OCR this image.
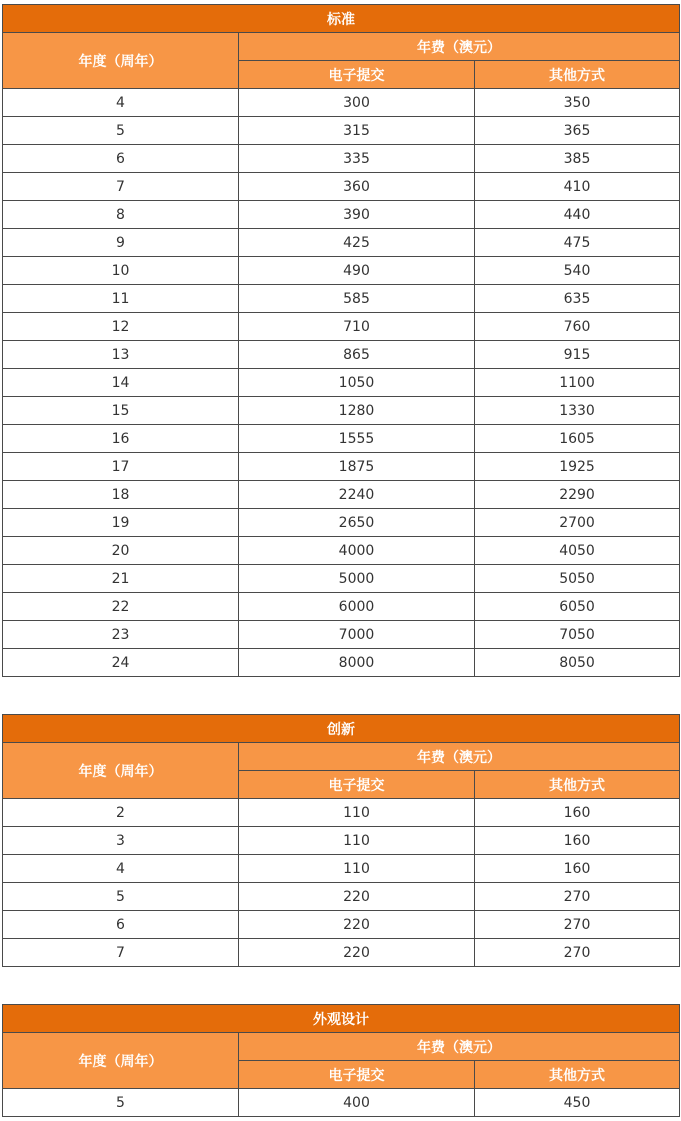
标准		
年度（周年）	年费（澳元）	
	电子提交	其他方式
4	300	350
5	315	365
6	335	385
7	360	410
8	390	440
9	425	475
10	490	540
11	585	635
12	710	760
13	865	915
14	1050	1100
15	1280	1330
16	1555	1605
17	1875	1925
18	2240	2290
19	2650	2700
20	4000	4050
21	5000	5050
22	6000	6050
23	7000	7050
24	8000	8050
创新		
年度（周年）	年费（澳元）	
	电子提交	其他方式
2	110	160
3	110	160
4	110	160
5	220	270
6	220	270
7	220	270
外观设计		
年度（周年）	年费（澳元）	
	电子提交	其他方式
5	400	450
